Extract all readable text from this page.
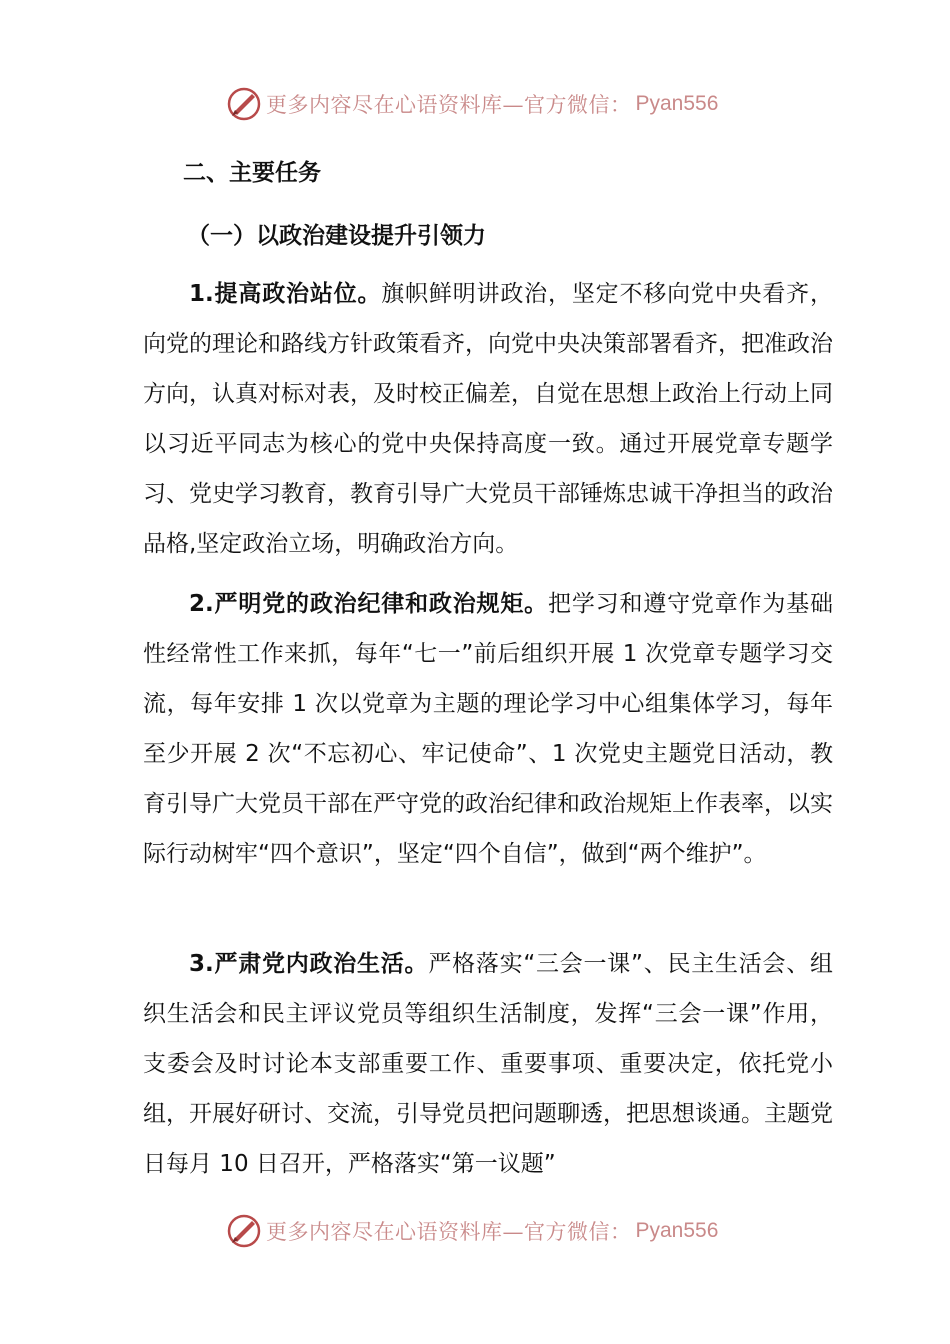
更多内容尽在心语资料库—官方微信： Pyan556
二、主要任务
（一）以政治建设提升引领力

1.提高政治站位。旗帜鲜明讲政治，坚定不移向党中央看齐，向党的理论和路线方针政策看齐，向党中央决策部署看齐，把准政治方向，认真对标对表，及时校正偏差，自觉在思想上政治上行动上同以习近平同志为核心的党中央保持高度一致。通过开展党章专题学习、党史学习教育，教育引导广大党员干部锤炼忠诚干净担当的政治品格,坚定政治立场，明确政治方向。

2.严明党的政治纪律和政治规矩。把学习和遵守党章作为基础性经常性工作来抓，每年“七一”前后组织开展 1 次党章专题学习交流，每年安排 1 次以党章为主题的理论学习中心组集体学习，每年至少开展 2 次“不忘初心、牢记使命”、1 次党史主题党日活动，教育引导广大党员干部在严守党的政治纪律和政治规矩上作表率，以实际行动树牢“四个意识”，坚定“四个自信”，做到“两个维护”。

3.严肃党内政治生活。严格落实“三会一课”、民主生活会、组织生活会和民主评议党员等组织生活制度，发挥“三会一课”作用，支委会及时讨论本支部重要工作、重要事项、重要决定，依托党小组，开展好研讨、交流，引导党员把问题聊透，把思想谈通。主题党日每月 10 日召开，严格落实“第一议题”

更多内容尽在心语资料库—官方微信： Pyan556
